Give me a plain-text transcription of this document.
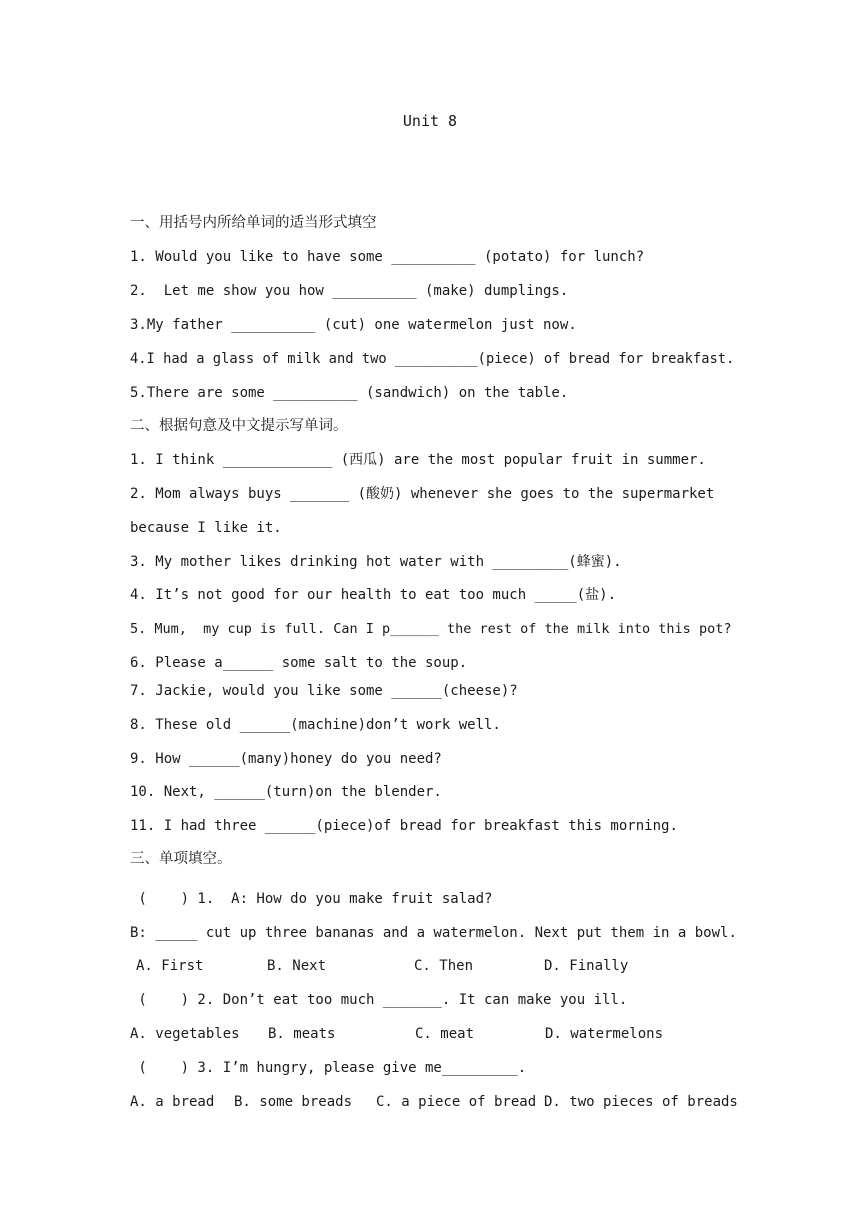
Unit 8
一、用括号内所给单词的适当形式填空
1. Would you like to have some __________ (potato) for lunch?
2.  Let me show you how __________ (make) dumplings.
3.My father __________ (cut) one watermelon just now.
4.I had a glass of milk and two __________(piece) of bread for breakfast.
5.There are some __________ (sandwich) on the table.
二、根据句意及中文提示写单词。
1. I think _____________ (西瓜) are the most popular fruit in summer.
2. Mom always buys _______ (酸奶) whenever she goes to the supermarket
because I like it.
3. My mother likes drinking hot water with _________(蜂蜜).
4. It’s not good for our health to eat too much _____(盐).
5. Mum,  my cup is full. Can I p______ the rest of the milk into this pot?
6. Please a______ some salt to the soup.
7. Jackie, would you like some ______(cheese)?
8. These old ______(machine)don’t work well.
9. How ______(many)honey do you need?
10. Next, ______(turn)on the blender.
11. I had three ______(piece)of bread for breakfast this morning.
三、单项填空。
(    ) 1.  A: How do you make fruit salad?
B: _____ cut up three bananas and a watermelon. Next put them in a bowl.
A. First	B. Next	C. Then	D. Finally
(    ) 2. Don’t eat too much _______. It can make you ill.
A. vegetables B. meats	C. meat	D. watermelons
(    ) 3. I’m hungry, please give me_________.
A. a bread B. some breads C. a piece of bread D. two pieces of breads
